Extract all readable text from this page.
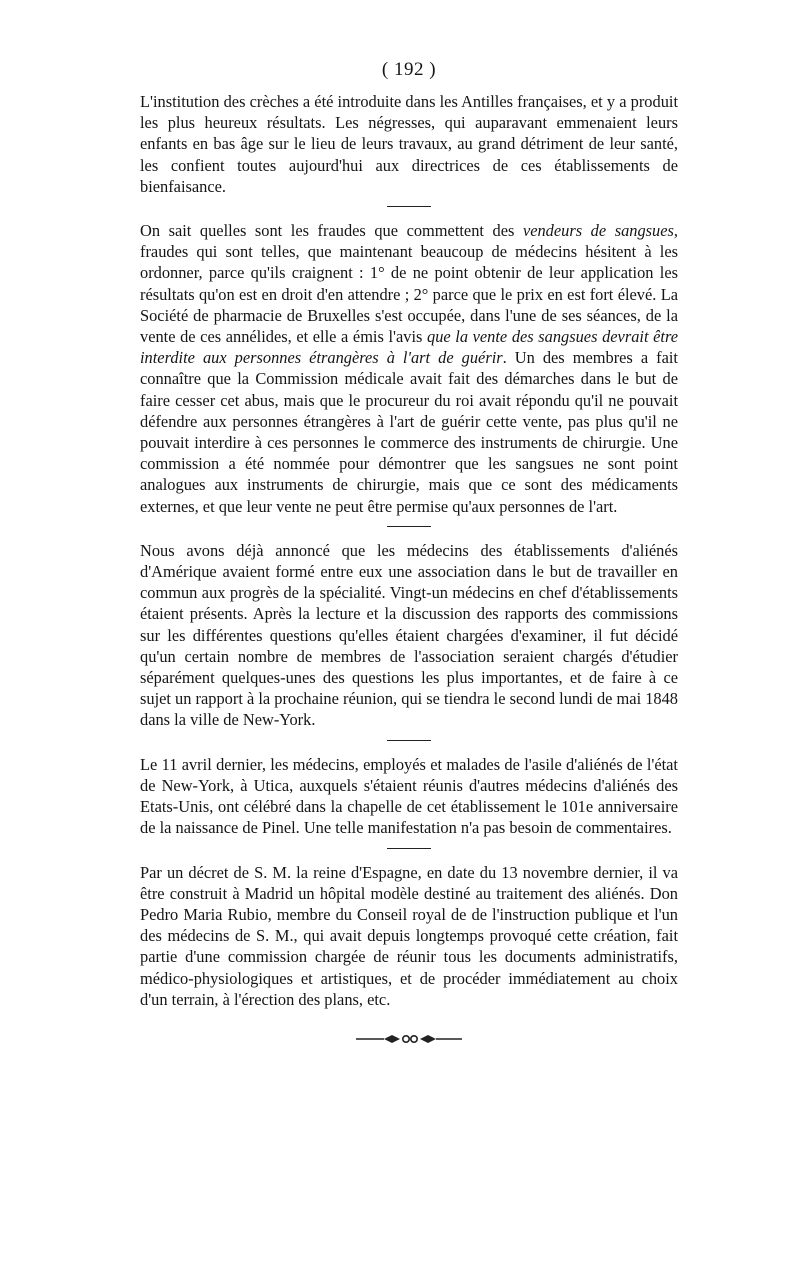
( 192 )

L'institution des crèches a été introduite dans les Antilles françaises, et y a produit les plus heureux résultats. Les négresses, qui auparavant emmenaient leurs enfants en bas âge sur le lieu de leurs travaux, au grand détriment de leur santé, les confient toutes aujourd'hui aux directrices de ces établissements de bienfaisance.

On sait quelles sont les fraudes que commettent des vendeurs de sangsues, fraudes qui sont telles, que maintenant beaucoup de médecins hésitent à les ordonner, parce qu'ils craignent : 1° de ne point obtenir de leur application les résultats qu'on est en droit d'en attendre ; 2° parce que le prix en est fort élevé. La Société de pharmacie de Bruxelles s'est occupée, dans l'une de ses séances, de la vente de ces annélides, et elle a émis l'avis que la vente des sangsues devrait être interdite aux personnes étrangères à l'art de guérir. Un des membres a fait connaître que la Commission médicale avait fait des démarches dans le but de faire cesser cet abus, mais que le procureur du roi avait répondu qu'il ne pouvait défendre aux personnes étrangères à l'art de guérir cette vente, pas plus qu'il ne pouvait interdire à ces personnes le commerce des instruments de chirurgie. Une commission a été nommée pour démontrer que les sangsues ne sont point analogues aux instruments de chirurgie, mais que ce sont des médicaments externes, et que leur vente ne peut être permise qu'aux personnes de l'art.

Nous avons déjà annoncé que les médecins des établissements d'aliénés d'Amérique avaient formé entre eux une association dans le but de travailler en commun aux progrès de la spécialité. Vingt-un médecins en chef d'établissements étaient présents. Après la lecture et la discussion des rapports des commissions sur les différentes questions qu'elles étaient chargées d'examiner, il fut décidé qu'un certain nombre de membres de l'association seraient chargés d'étudier séparément quelques-unes des questions les plus importantes, et de faire à ce sujet un rapport à la prochaine réunion, qui se tiendra le second lundi de mai 1848 dans la ville de New-York.

Le 11 avril dernier, les médecins, employés et malades de l'asile d'aliénés de l'état de New-York, à Utica, auxquels s'étaient réunis d'autres médecins d'aliénés des Etats-Unis, ont célébré dans la chapelle de cet établissement le 101e anniversaire de la naissance de Pinel. Une telle manifestation n'a pas besoin de commentaires.

Par un décret de S. M. la reine d'Espagne, en date du 13 novembre dernier, il va être construit à Madrid un hôpital modèle destiné au traitement des aliénés. Don Pedro Maria Rubio, membre du Conseil royal de de l'instruction publique et l'un des médecins de S. M., qui avait depuis longtemps provoqué cette création, fait partie d'une commission chargée de réunir tous les documents administratifs, médico-physiologiques et artistiques, et de procéder immédiatement au choix d'un terrain, à l'érection des plans, etc.
